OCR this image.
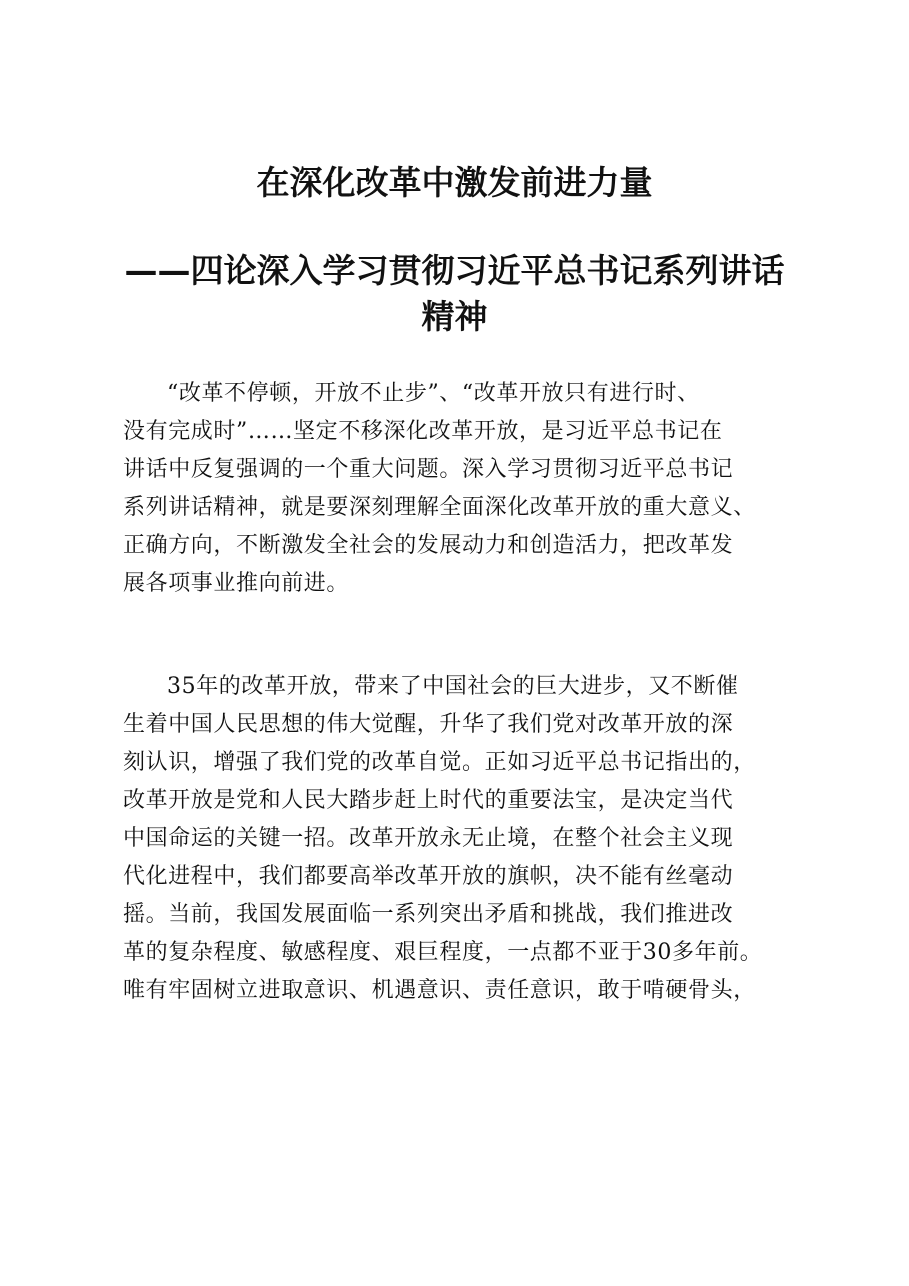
在深化改革中激发前进力量
——四论深入学习贯彻习近平总书记系列讲话
精神
“改革不停顿，开放不止步”、“改革开放只有进行时、
没有完成时”……坚定不移深化改革开放，是习近平总书记在
讲话中反复强调的一个重大问题。深入学习贯彻习近平总书记
系列讲话精神，就是要深刻理解全面深化改革开放的重大意义、
正确方向，不断激发全社会的发展动力和创造活力，把改革发
展各项事业推向前进。
35年的改革开放，带来了中国社会的巨大进步，又不断催
生着中国人民思想的伟大觉醒，升华了我们党对改革开放的深
刻认识，增强了我们党的改革自觉。正如习近平总书记指出的，
改革开放是党和人民大踏步赶上时代的重要法宝，是决定当代
中国命运的关键一招。改革开放永无止境，在整个社会主义现
代化进程中，我们都要高举改革开放的旗帜，决不能有丝毫动
摇。当前，我国发展面临一系列突出矛盾和挑战，我们推进改
革的复杂程度、敏感程度、艰巨程度，一点都不亚于30多年前。
唯有牢固树立进取意识、机遇意识、责任意识，敢于啃硬骨头，
